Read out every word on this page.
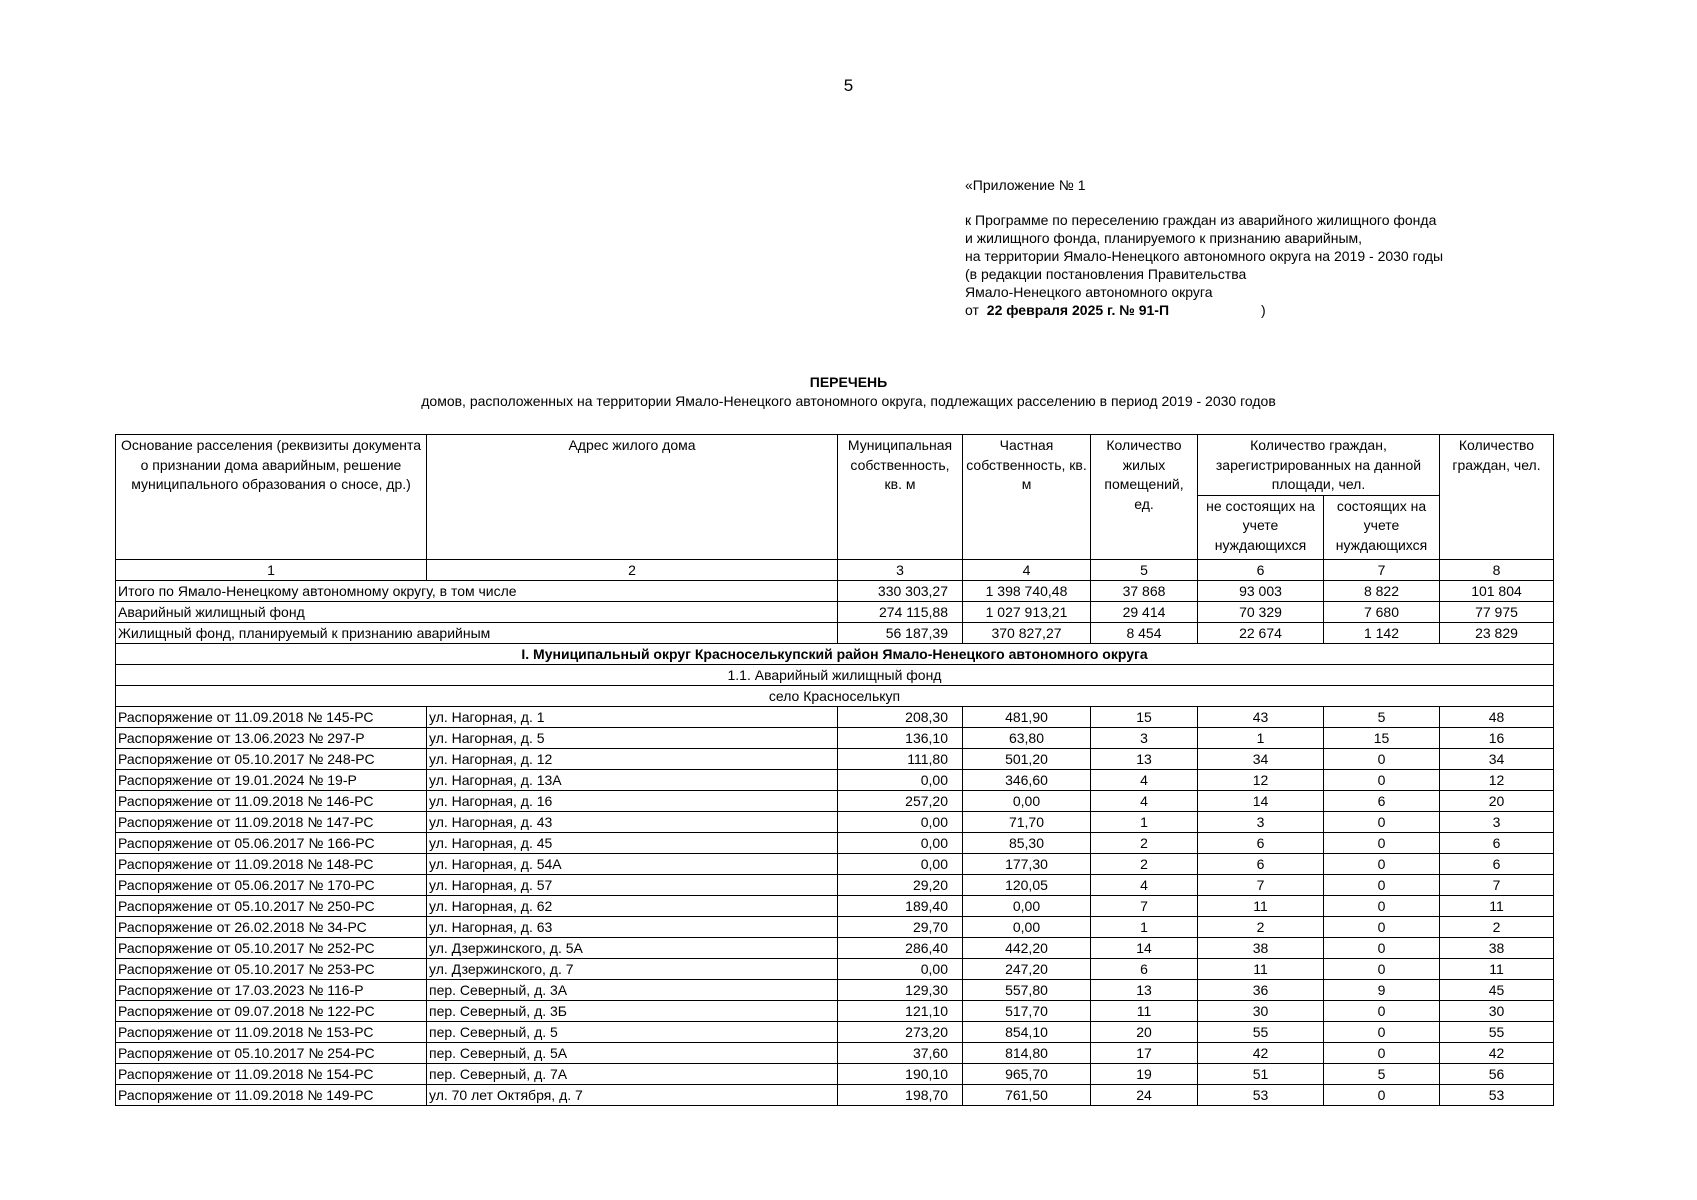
5
«Приложение № 1
к Программе по переселению граждан из аварийного жилищного фонда
и жилищного фонда, планируемого к признанию аварийным,
на территории Ямало-Ненецкого автономного округа на 2019 - 2030 годы
(в редакции постановления Правительства
Ямало-Ненецкого автономного округа
от 22 февраля 2025 г. № 91-П	)
ПЕРЕЧЕНЬ
домов, расположенных на территории Ямало-Ненецкого автономного округа, подлежащих расселению в период 2019 - 2030 годов
Основание расселения (реквизиты документа о признании дома аварийным, решение муниципального образования о сносе, др.)	Адрес жилого дома	Муниципальная собственность, кв. м	Частная собственность, кв. м	Количество жилых помещений, ед.	Количество граждан, зарегистрированных на данной площади, чел.		Количество граждан, чел.
					не состоящих на учете нуждающихся	состоящих на учете нуждающихся	
1	2	3	4	5	6	7	8
Итого по Ямало-Ненецкому автономному округу, в том числе		330 303,27	1 398 740,48	37 868	93 003	8 822	101 804
Аварийный жилищный фонд		274 115,88	1 027 913,21	29 414	70 329	7 680	77 975
Жилищный фонд, планируемый к признанию аварийным		56 187,39	370 827,27	8 454	22 674	1 142	23 829
I. Муниципальный округ Красноселькупский район Ямало-Ненецкого автономного округа							
1.1. Аварийный жилищный фонд							
село Красноселькуп							
Распоряжение от 11.09.2018 № 145-РС	ул. Нагорная, д. 1	208,30	481,90	15	43	5	48
Распоряжение от 13.06.2023 № 297-Р	ул. Нагорная, д. 5	136,10	63,80	3	1	15	16
Распоряжение от 05.10.2017 № 248-РС	ул. Нагорная, д. 12	111,80	501,20	13	34	0	34
Распоряжение от 19.01.2024 № 19-Р	ул. Нагорная, д. 13А	0,00	346,60	4	12	0	12
Распоряжение от 11.09.2018 № 146-РС	ул. Нагорная, д. 16	257,20	0,00	4	14	6	20
Распоряжение от 11.09.2018 № 147-РС	ул. Нагорная, д. 43	0,00	71,70	1	3	0	3
Распоряжение от 05.06.2017 № 166-РС	ул. Нагорная, д. 45	0,00	85,30	2	6	0	6
Распоряжение от 11.09.2018 № 148-РС	ул. Нагорная, д. 54А	0,00	177,30	2	6	0	6
Распоряжение от 05.06.2017 № 170-РС	ул. Нагорная, д. 57	29,20	120,05	4	7	0	7
Распоряжение от 05.10.2017 № 250-РС	ул. Нагорная, д. 62	189,40	0,00	7	11	0	11
Распоряжение от 26.02.2018 № 34-РС	ул. Нагорная, д. 63	29,70	0,00	1	2	0	2
Распоряжение от 05.10.2017 № 252-РС	ул. Дзержинского, д. 5А	286,40	442,20	14	38	0	38
Распоряжение от 05.10.2017 № 253-РС	ул. Дзержинского, д. 7	0,00	247,20	6	11	0	11
Распоряжение от 17.03.2023 № 116-Р	пер. Северный, д. 3А	129,30	557,80	13	36	9	45
Распоряжение от 09.07.2018 № 122-РС	пер. Северный, д. 3Б	121,10	517,70	11	30	0	30
Распоряжение от 11.09.2018 № 153-РС	пер. Северный, д. 5	273,20	854,10	20	55	0	55
Распоряжение от 05.10.2017 № 254-РС	пер. Северный, д. 5А	37,60	814,80	17	42	0	42
Распоряжение от 11.09.2018 № 154-РС	пер. Северный, д. 7А	190,10	965,70	19	51	5	56
Распоряжение от 11.09.2018 № 149-РС	ул. 70 лет Октября, д. 7	198,70	761,50	24	53	0	53
